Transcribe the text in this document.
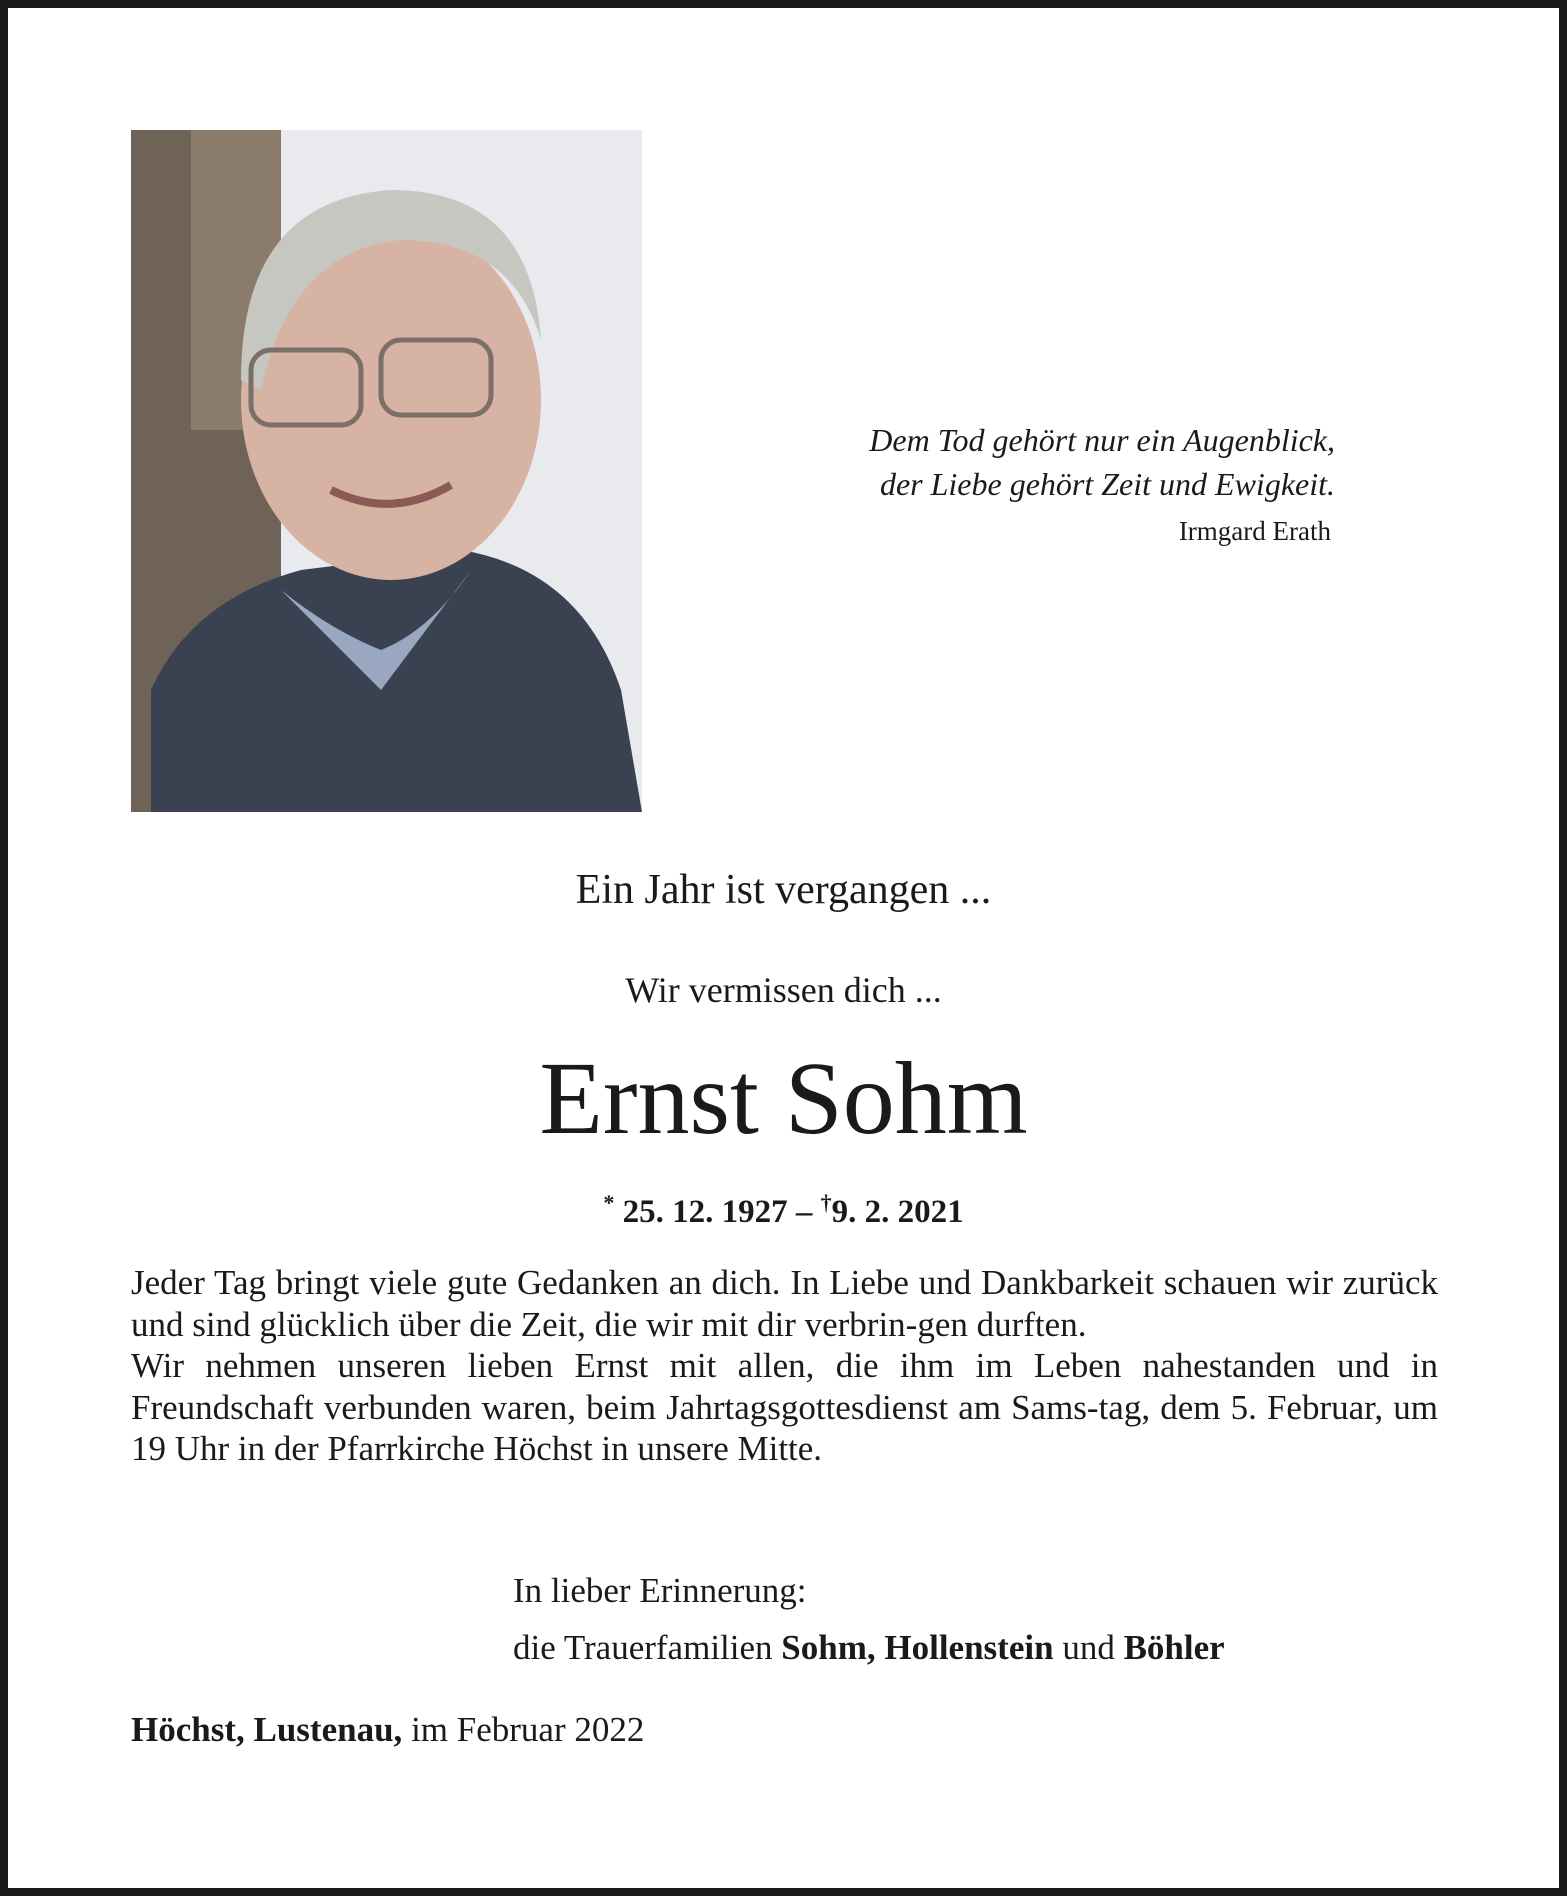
Dem Tod gehört nur ein Augenblick,
der Liebe gehört Zeit und Ewigkeit.
Irmgard Erath
Ein Jahr ist vergangen ...
Wir vermissen dich ...
Ernst Sohm
* 25. 12. 1927 – †9. 2. 2021

Jeder Tag bringt viele gute Gedanken an dich. In Liebe und Dankbarkeit schauen wir zurück und sind glücklich über die Zeit, die wir mit dir verbrin-gen durften.

Wir nehmen unseren lieben Ernst mit allen, die ihm im Leben nahestanden und in Freundschaft verbunden waren, beim Jahrtagsgottesdienst am Sams-tag, dem 5. Februar, um 19 Uhr in der Pfarrkirche Höchst in unsere Mitte.

In lieber Erinnerung:
die Trauerfamilien Sohm, Hollenstein und Böhler
Höchst, Lustenau, im Februar 2022
